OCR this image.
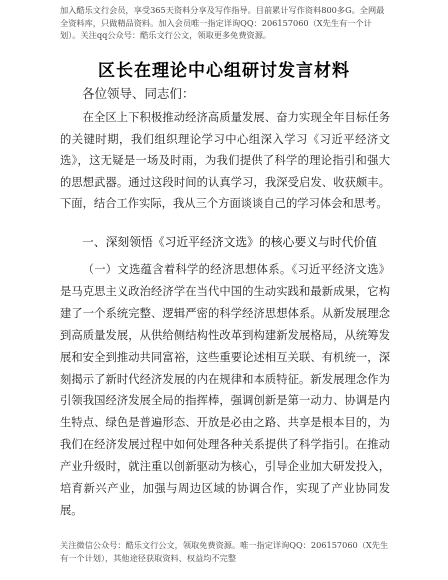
加入酷乐文行会员，享受365天资料分享及写作指导。目前累计写作资料800多G。全网最全资料库，只做精品资料。加入会员唯一指定详询QQ：206157060（X先生有一个计划）。关注qq公众号：酷乐文行公文，领取更多免费资源。
区长在理论中心组研讨发言材料
各位领导、同志们：

在全区上下积极推动经济高质量发展、奋力实现全年目标任务的关键时期，我们组织理论学习中心组深入学习《习近平经济文选》，这无疑是一场及时雨，为我们提供了科学的理论指引和强大的思想武器。通过这段时间的认真学习，我深受启发、收获颇丰。下面，结合工作实际，我从三个方面谈谈自己的学习体会和思考。

一、深刻领悟《习近平经济文选》的核心要义与时代价值

（一）文选蕴含着科学的经济思想体系。《习近平经济文选》是马克思主义政治经济学在当代中国的生动实践和最新成果，它构建了一个系统完整、逻辑严密的科学经济思想体系。从新发展理念到高质量发展，从供给侧结构性改革到构建新发展格局，从统筹发展和安全到推动共同富裕，这些重要论述相互关联、有机统一，深刻揭示了新时代经济发展的内在规律和本质特征。新发展理念作为引领我国经济发展全局的指挥棒，强调创新是第一动力、协调是内生特点、绿色是普遍形态、开放是必由之路、共享是根本目的，为我们在经济发展过程中如何处理各种关系提供了科学指引。在推动产业升级时，就注重以创新驱动为核心，引导企业加大研发投入，培育新兴产业，加强与周边区域的协调合作，实现了产业协同发展。

关注微信公众号：酷乐文行公文，领取免费资源。唯一指定详询QQ：206157060（X先生有一个计划），其他途径获取资料、权益均不完整
